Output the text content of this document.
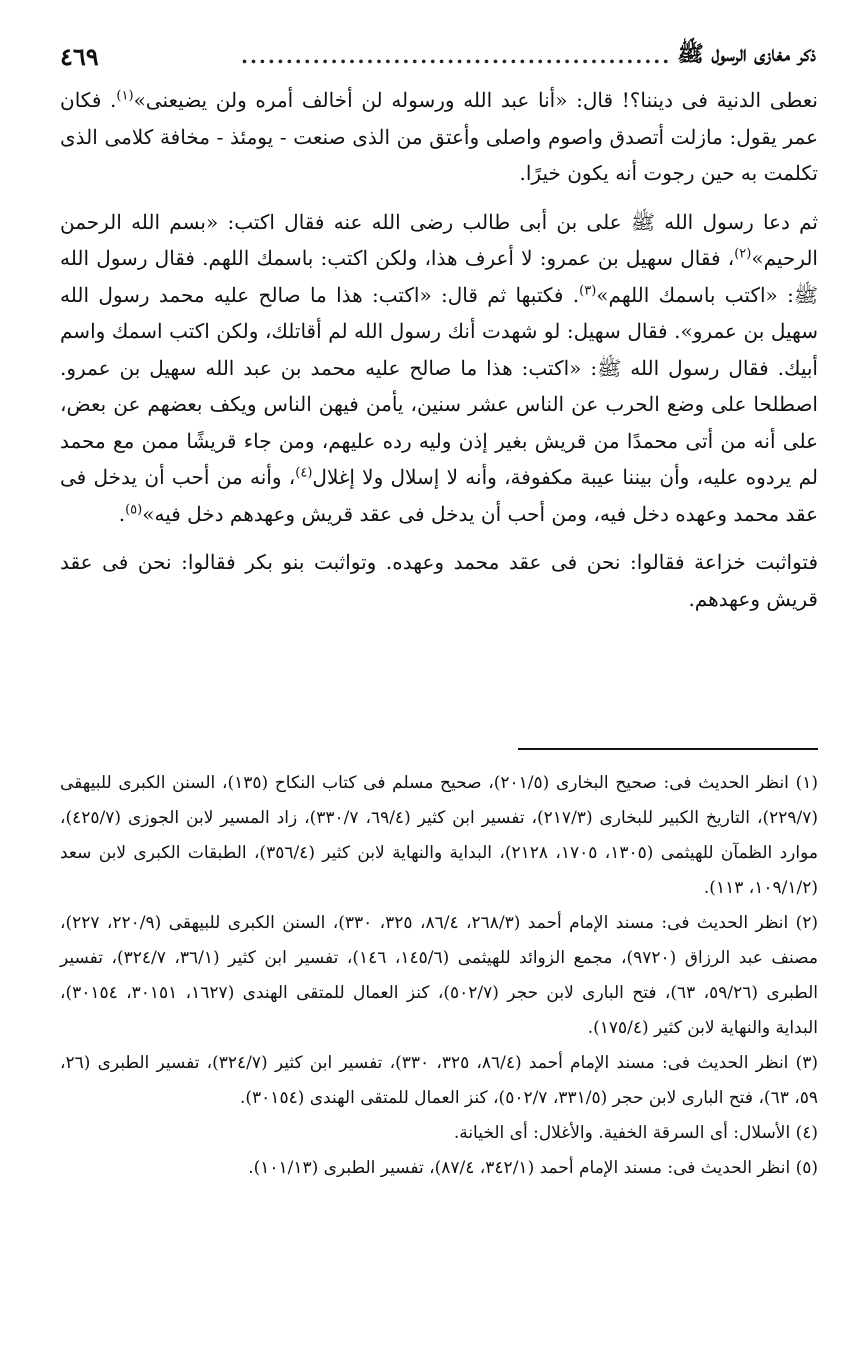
ذكر مغازى الرسول ﷺ
................................................
٤٦٩

نعطى الدنية فى ديننا؟! قال: «أنا عبد الله ورسوله لن أخالف أمره ولن يضيعنى»$^{(١)}$. فكان عمر يقول: مازلت أتصدق واصوم واصلى وأعتق من الذى صنعت - يومئذ - مخافة كلامى الذى تكلمت به حين رجوت أنه يكون خيرًا.

ثم دعا رسول الله ﷺ على بن أبى طالب رضى الله عنه فقال اكتب: «بسم الله الرحمن الرحيم»$^{(٢)}$، فقال سهيل بن عمرو: لا أعرف هذا، ولكن اكتب: باسمك اللهم. فقال رسول الله ﷺ: «اكتب باسمك اللهم»$^{(٣)}$. فكتبها ثم قال: «اكتب: هذا ما صالح عليه محمد رسول الله سهيل بن عمرو». فقال سهيل: لو شهدت أنك رسول الله لم أقاتلك، ولكن اكتب اسمك واسم أبيك. فقال رسول الله ﷺ: «اكتب: هذا ما صالح عليه محمد بن عبد الله سهيل بن عمرو. اصطلحا على وضع الحرب عن الناس عشر سنين، يأمن فيهن الناس ويكف بعضهم عن بعض، على أنه من أتى محمدًا من قريش بغير إذن وليه رده عليهم، ومن جاء قريشًا ممن مع محمد لم يردوه عليه، وأن بيننا عيبة مكفوفة، وأنه لا إسلال ولا إغلال$^{(٤)}$، وأنه من أحب أن يدخل فى عقد محمد وعهده دخل فيه، ومن أحب أن يدخل فى عقد قريش وعهدهم دخل فيه»$^{(٥)}$.

فتواثبت خزاعة فقالوا: نحن فى عقد محمد وعهده. وتواثبت بنو بكر فقالوا: نحن فى عقد قريش وعهدهم.

(١) انظر الحديث فى: صحيح البخارى (٢٠١/٥)، صحيح مسلم فى كتاب النكاح (١٣٥)، السنن الكبرى للبيهقى (٢٢٩/٧)، التاريخ الكبير للبخارى (٢١٧/٣)، تفسير ابن كثير (٦٩/٤، ٣٣٠/٧)، زاد المسير لابن الجوزى (٤٢٥/٧)، موارد الظمآن للهيثمى (١٣٠٥، ١٧٠٥، ٢١٢٨)، البداية والنهاية لابن كثير (٣٥٦/٤)، الطبقات الكبرى لابن سعد (١٠٩/١/٢، ١١٣).

(٢) انظر الحديث فى: مسند الإمام أحمد (٢٦٨/٣، ٨٦/٤، ٣٢٥، ٣٣٠)، السنن الكبرى للبيهقى (٢٢٠/٩، ٢٢٧)، مصنف عبد الرزاق (٩٧٢٠)، مجمع الزوائد للهيثمى (١٤٥/٦، ١٤٦)، تفسير ابن كثير (٣٦/١، ٣٢٤/٧)، تفسير الطبرى (٥٩/٢٦، ٦٣)، فتح البارى لابن حجر (٥٠٢/٧)، كنز العمال للمتقى الهندى (١٦٢٧، ٣٠١٥١، ٣٠١٥٤)، البداية والنهاية لابن كثير (١٧٥/٤).

(٣) انظر الحديث فى: مسند الإمام أحمد (٨٦/٤، ٣٢٥، ٣٣٠)، تفسير ابن كثير (٣٢٤/٧)، تفسير الطبرى (٢٦، ٥٩، ٦٣)، فتح البارى لابن حجر (٣٣١/٥، ٥٠٢/٧)، كنز العمال للمتقى الهندى (٣٠١٥٤).

(٤) الأسلال: أى السرقة الخفية. والأغلال: أى الخيانة.

(٥) انظر الحديث فى: مسند الإمام أحمد (٣٤٢/١، ٨٧/٤)، تفسير الطبرى (١٠١/١٣).
